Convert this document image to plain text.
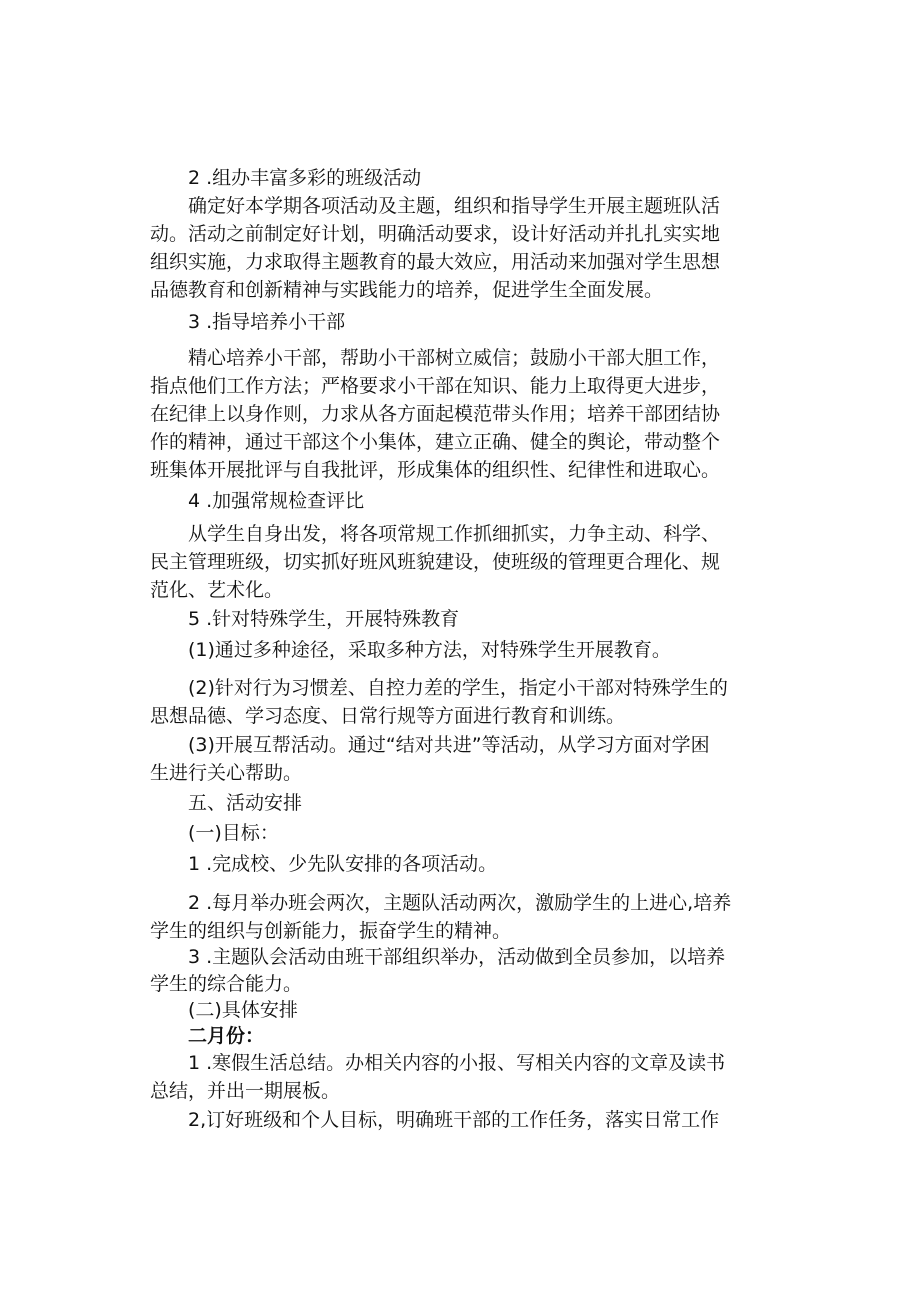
2 .组办丰富多彩的班级活动
确定好本学期各项活动及主题，组织和指导学生开展主题班队活
动。活动之前制定好计划，明确活动要求，设计好活动并扎扎实实地
组织实施，力求取得主题教育的最大效应，用活动来加强对学生思想
品德教育和创新精神与实践能力的培养，促进学生全面发展。
3 .指导培养小干部
精心培养小干部，帮助小干部树立威信；鼓励小干部大胆工作，
指点他们工作方法；严格要求小干部在知识、能力上取得更大进步，
在纪律上以身作则，力求从各方面起模范带头作用；培养干部团结协
作的精神，通过干部这个小集体，建立正确、健全的舆论，带动整个
班集体开展批评与自我批评，形成集体的组织性、纪律性和进取心。
4 .加强常规检查评比
从学生自身出发，将各项常规工作抓细抓实，力争主动、科学、
民主管理班级，切实抓好班风班貌建设，使班级的管理更合理化、规
范化、艺术化。
5 .针对特殊学生，开展特殊教育
(1)通过多种途径，采取多种方法，对特殊学生开展教育。
(2)针对行为习惯差、自控力差的学生，指定小干部对特殊学生的
思想品德、学习态度、日常行规等方面进行教育和训练。
(3)开展互帮活动。通过“结对共进”等活动，从学习方面对学困
生进行关心帮助。
五、活动安排
(一)目标：
1 .完成校、少先队安排的各项活动。
2 .每月举办班会两次，主题队活动两次，激励学生的上进心,培养
学生的组织与创新能力，振奋学生的精神。
3 .主题队会活动由班干部组织举办，活动做到全员参加，以培养
学生的综合能力。
(二)具体安排
二月份：
1 .寒假生活总结。办相关内容的小报、写相关内容的文章及读书
总结，并出一期展板。
2,订好班级和个人目标，明确班干部的工作任务，落实日常工作
